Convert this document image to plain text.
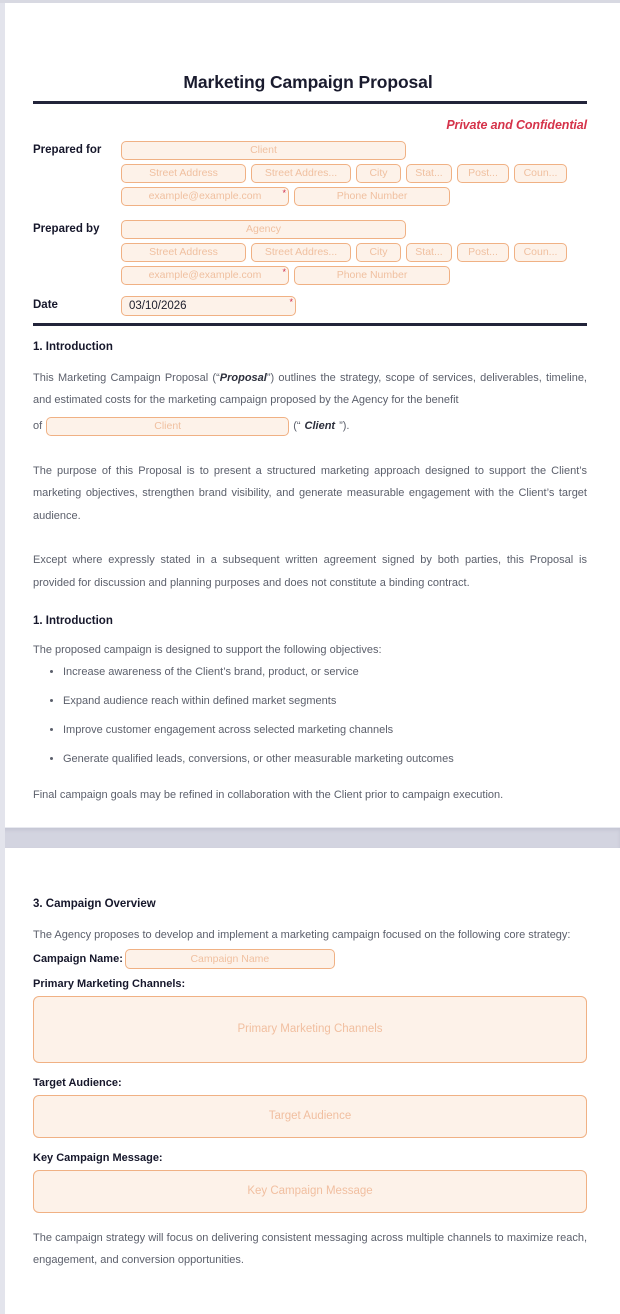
Marketing Campaign Proposal
Private and Confidential
Prepared for	Client
Street Address	Street Addres...	City	Stat...	Post...	Coun...
example@example.com	*	Phone Number
Prepared by	Agency
Street Address	Street Addres...	City	Stat...	Post...	Coun...
example@example.com	*	Phone Number
Date	03/10/2026	*
1. Introduction

This Marketing Campaign Proposal (“Proposal”) outlines the strategy, scope of services, deliverables, timeline, and estimated costs for the marketing campaign proposed by the Agency for the benefit

of	Client	(“ Client ”).

The purpose of this Proposal is to present a structured marketing approach designed to support the Client’s marketing objectives, strengthen brand visibility, and generate measurable engagement with the Client’s target audience.

Except where expressly stated in a subsequent written agreement signed by both parties, this Proposal is provided for discussion and planning purposes and does not constitute a binding contract.

1. Introduction

The proposed campaign is designed to support the following objectives:

• Increase awareness of the Client’s brand, product, or service
• Expand audience reach within defined market segments
• Improve customer engagement across selected marketing channels
• Generate qualified leads, conversions, or other measurable marketing outcomes

Final campaign goals may be refined in collaboration with the Client prior to campaign execution.

3. Campaign Overview

The Agency proposes to develop and implement a marketing campaign focused on the following core strategy:

Campaign Name:	Campaign Name
Primary Marketing Channels:
Primary Marketing Channels
Target Audience:
Target Audience
Key Campaign Message:
Key Campaign Message

The campaign strategy will focus on delivering consistent messaging across multiple channels to maximize reach, engagement, and conversion opportunities.
